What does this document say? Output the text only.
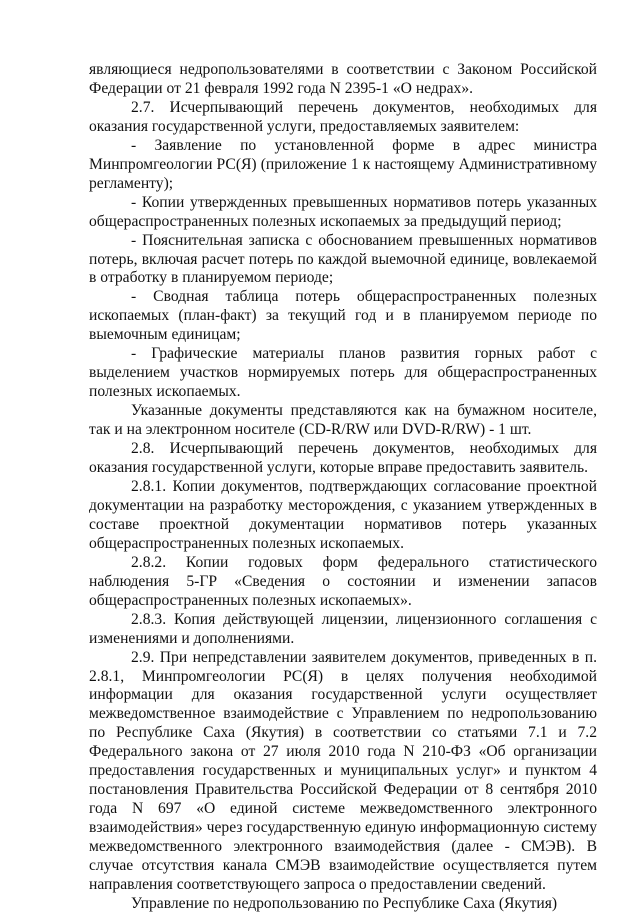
являющиеся недропользователями в соответствии с Законом Российской Федерации от 21 февраля 1992 года N 2395-1 «О недрах».

2.7. Исчерпывающий перечень документов, необходимых для оказания государственной услуги, предоставляемых заявителем:

- Заявление по установленной форме в адрес министра Минпромгеологии РС(Я) (приложение 1 к настоящему Административному регламенту);

- Копии утвержденных превышенных нормативов потерь указанных общераспространенных полезных ископаемых за предыдущий период;

- Пояснительная записка с обоснованием превышенных нормативов потерь, включая расчет потерь по каждой выемочной единице, вовлекаемой в отработку в планируемом периоде;

- Сводная таблица потерь общераспространенных полезных ископаемых (план-факт) за текущий год и в планируемом периоде по выемочным единицам;

- Графические материалы планов развития горных работ с выделением участков нормируемых потерь для общераспространенных полезных ископаемых.

Указанные документы представляются как на бумажном носителе, так и на электронном носителе (CD-R/RW или DVD-R/RW) - 1 шт.

2.8. Исчерпывающий перечень документов, необходимых для оказания государственной услуги, которые вправе предоставить заявитель.

2.8.1. Копии документов, подтверждающих согласование проектной документации на разработку месторождения, с указанием утвержденных в составе проектной документации нормативов потерь указанных общераспространенных полезных ископаемых.

2.8.2. Копии годовых форм федерального статистического наблюдения 5-ГР «Сведения о состоянии и изменении запасов общераспространенных полезных ископаемых».

2.8.3. Копия действующей лицензии, лицензионного соглашения с изменениями и дополнениями.

2.9. При непредставлении заявителем документов, приведенных в п. 2.8.1, Минпромгеологии РС(Я) в целях получения необходимой информации для оказания государственной услуги осуществляет межведомственное взаимодействие с Управлением по недропользованию по Республике Саха (Якутия) в соответствии со статьями 7.1 и 7.2 Федерального закона от 27 июля 2010 года N 210-ФЗ «Об организации предоставления государственных и муниципальных услуг» и пунктом 4 постановления Правительства Российской Федерации от 8 сентября 2010 года N 697 «О единой системе межведомственного электронного взаимодействия» через государственную единую информационную систему межведомственного электронного взаимодействия (далее - СМЭВ). В случае отсутствия канала СМЭВ взаимодействие осуществляется путем направления соответствующего запроса о предоставлении сведений.

Управление по недропользованию по Республике Саха (Якутия)
